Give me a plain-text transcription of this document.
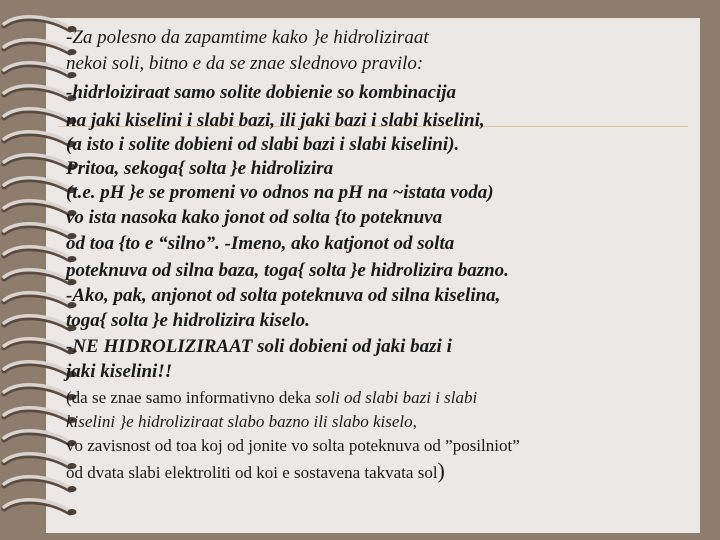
-Za polesno da zapamtime kako }e hidroliziraat
nekoi soli, bitno e da se znae slednovo pravilo:
-hidrloiziraat samo solite dobienie so kombinacija
na jaki kiselini i slabi bazi, ili jaki bazi i slabi kiselini,
(a isto i solite dobieni od slabi bazi i slabi kiselini).
Pritoa, sekoga{ solta }e hidrolizira
(t.e. pH }e se promeni vo odnos na pH na ~istata voda)
vo ista nasoka kako jonot od solta {to poteknuva
od toa {to e “silno”. -Imeno, ako katjonot od solta
poteknuva od silna baza, toga{ solta }e hidrolizira bazno.
-Ako, pak, anjonot od solta poteknuva od silna kiselina,
toga{ solta }e hidrolizira kiselo.
-NE HIDROLIZIRAAT soli dobieni od jaki bazi i
jaki kiselini!!
(da se znae samo informativno deka soli od slabi bazi i slabi
kiselini }e hidroliziraat slabo bazno ili slabo kiselo,
vo zavisnost od toa koj od jonite vo solta poteknuva od ”posilniot”
od dvata slabi elektroliti od koi e sostavena takvata sol)
